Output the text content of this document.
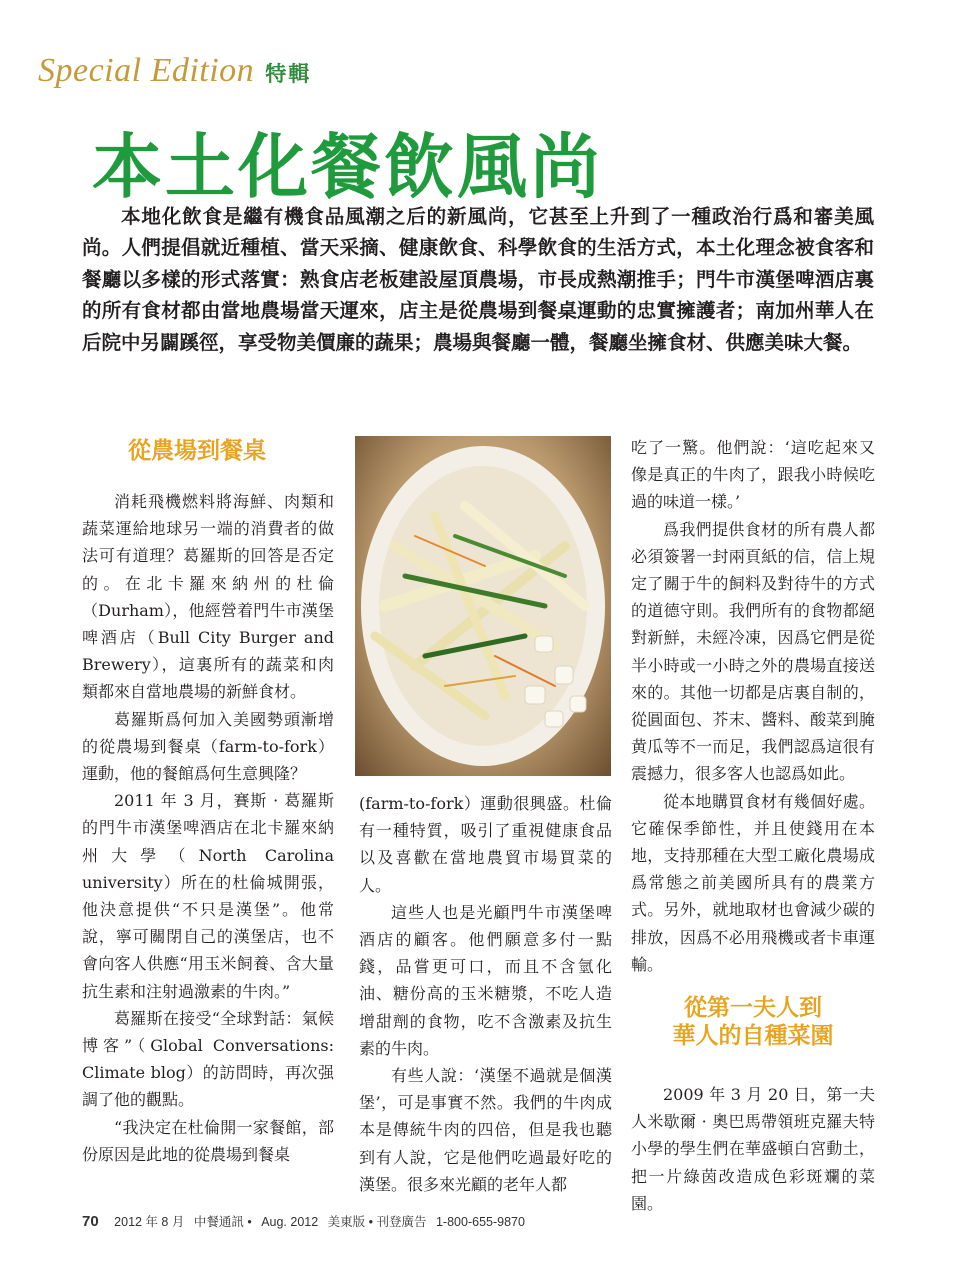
Special Edition 特輯
本土化餐飲風尚

本地化飲食是繼有機食品風潮之后的新風尚，它甚至上升到了一種政治行爲和審美風尚。人們提倡就近種植、當天采摘、健康飲食、科學飲食的生活方式，本土化理念被食客和餐廳以多樣的形式落實：熟食店老板建設屋頂農場，市長成熱潮推手；門牛市漢堡啤酒店裏的所有食材都由當地農場當天運來，店主是從農場到餐桌運動的忠實擁護者；南加州華人在后院中另闢蹊徑，享受物美價廉的蔬果；農場與餐廳一體，餐廳坐擁食材、供應美味大餐。

從農場到餐桌

消耗飛機燃料將海鮮、肉類和蔬菜運給地球另一端的消費者的做法可有道理？葛羅斯的回答是否定的。在北卡羅來納州的杜倫（Durham），他經營着門牛市漢堡啤酒店（Bull City Burger and Brewery），這裏所有的蔬菜和肉類都來自當地農場的新鮮食材。

葛羅斯爲何加入美國勢頭漸增的從農場到餐桌（farm-to-fork）運動，他的餐館爲何生意興隆？

2011 年 3 月，賽斯 · 葛羅斯的門牛市漢堡啤酒店在北卡羅來納州大學（North Carolina university）所在的杜倫城開張，他決意提供“不只是漢堡”。他常說，寧可關閉自己的漢堡店，也不會向客人供應“用玉米飼養、含大量抗生素和注射過激素的牛肉。”

葛羅斯在接受“全球對話：氣候博客”（Global Conversations: Climate blog）的訪問時，再次强調了他的觀點。

“我決定在杜倫開一家餐館，部份原因是此地的從農場到餐桌

(farm-to-fork）運動很興盛。杜倫有一種特質，吸引了重視健康食品以及喜歡在當地農貿市場買菜的人。

這些人也是光顧門牛市漢堡啤酒店的顧客。他們願意多付一點錢，品嘗更可口，而且不含氫化油、糖份高的玉米糖漿，不吃人造增甜劑的食物，吃不含激素及抗生素的牛肉。

有些人說：‘漢堡不過就是個漢堡’，可是事實不然。我們的牛肉成本是傳統牛肉的四倍，但是我也聽到有人說，它是他們吃過最好吃的漢堡。很多來光顧的老年人都

吃了一驚。他們說：‘這吃起來又像是真正的牛肉了，跟我小時候吃過的味道一樣。’

爲我們提供食材的所有農人都必須簽署一封兩頁紙的信，信上規定了關于牛的飼料及對待牛的方式的道德守則。我們所有的食物都絕對新鮮，未經冷凍，因爲它們是從半小時或一小時之外的農場直接送來的。其他一切都是店裏自制的，從圓面包、芥末、醬料、酸菜到腌黄瓜等不一而足，我們認爲這很有震撼力，很多客人也認爲如此。

從本地購買食材有幾個好處。它確保季節性，并且使錢用在本地，支持那種在大型工廠化農場成爲常態之前美國所具有的農業方式。另外，就地取材也會減少碳的排放，因爲不必用飛機或者卡車運輸。

從第一夫人到
華人的自種菜園

2009 年 3 月 20 日，第一夫人米歇爾 · 奧巴馬帶領班克羅夫特小學的學生們在華盛頓白宮動土，把一片綠茵改造成色彩斑斕的菜園。

70 2012 年 8 月 中餐通訊 • Aug. 2012 美東版 • 刊登廣告 1-800-655-9870
